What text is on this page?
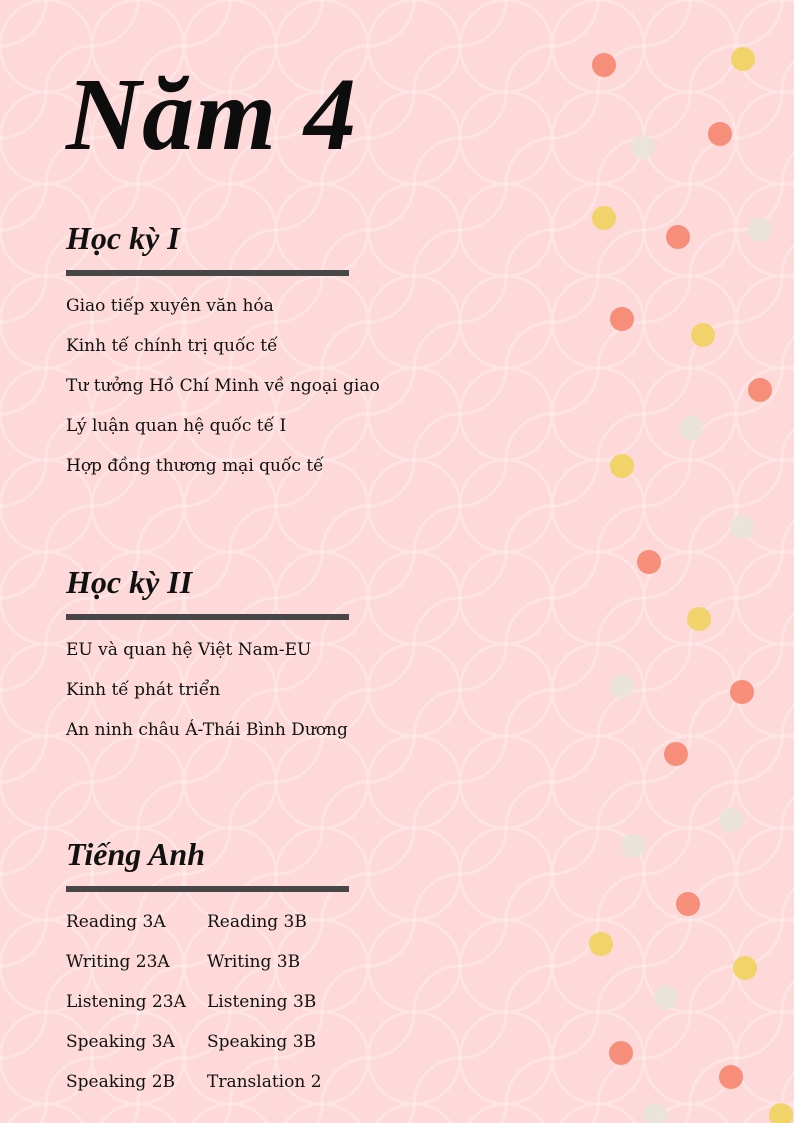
Năm 4
Học kỳ I
Giao tiếp xuyên văn hóa
Kinh tế chính trị quốc tế
Tư tưởng Hồ Chí Minh về ngoại giao
Lý luận quan hệ quốc tế I
Hợp đồng thương mại quốc tế
Học kỳ II
EU và quan hệ Việt Nam-EU
Kinh tế phát triển
An ninh châu Á-Thái Bình Dương
Tiếng Anh
Reading 3A	Reading 3B
Writing 23A	Writing 3B
Listening 23A	Listening 3B
Speaking 3A	Speaking 3B
Speaking 2B	Translation 2
